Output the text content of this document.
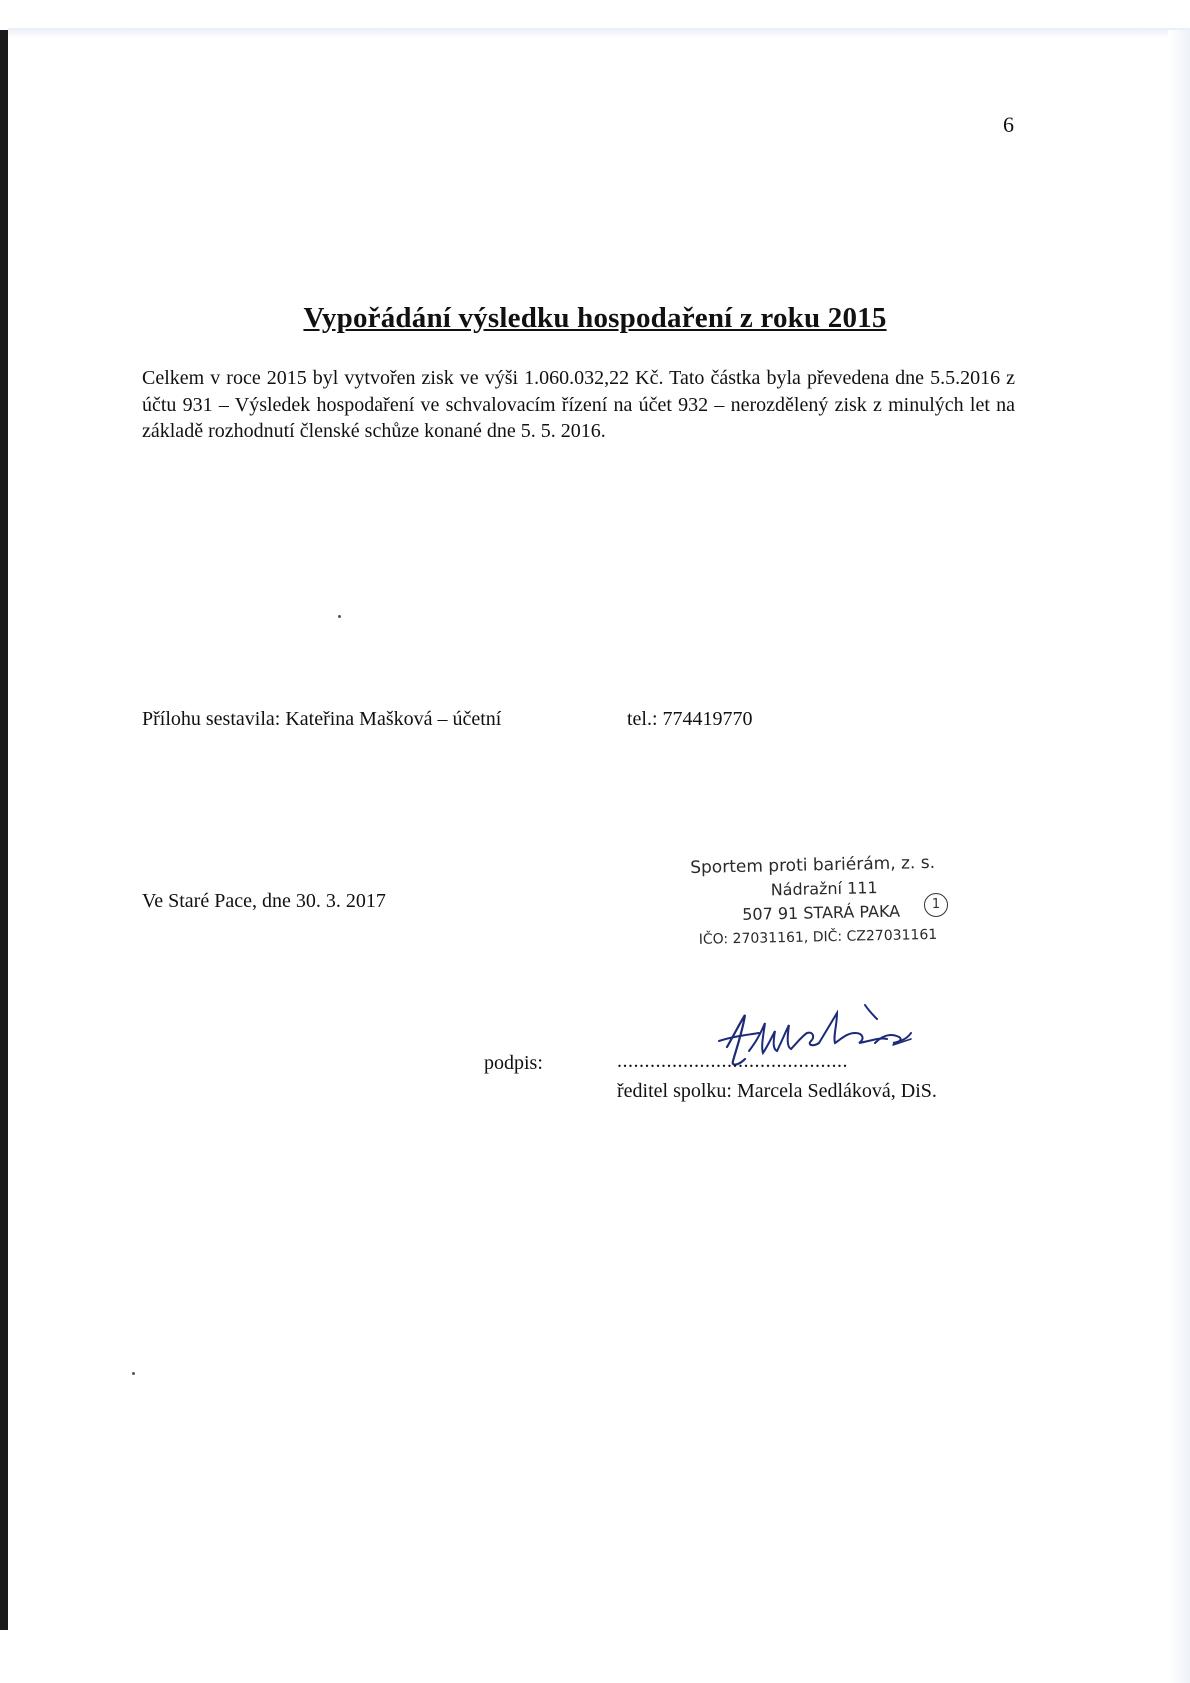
6
Vypořádání výsledku hospodaření z roku 2015

Celkem v roce 2015 byl vytvořen zisk ve výši 1.060.032,22 Kč. Tato částka byla převedena dne 5.5.2016 z účtu 931 – Výsledek hospodaření ve schvalovacím řízení na účet 932 – nerozdělený zisk z minulých let na základě rozhodnutí členské schůze konané dne 5. 5. 2016.

Přílohu sestavila: Kateřina Mašková – účetní	tel.: 774419770
Ve Staré Pace, dne 30. 3. 2017
Sportem proti bariérám, z. s.
Nádražní 111
507 91 STARÁ PAKA
IČO: 27031161, DIČ: CZ27031161
1
podpis:	..........................................
ředitel spolku: Marcela Sedláková, DiS.
